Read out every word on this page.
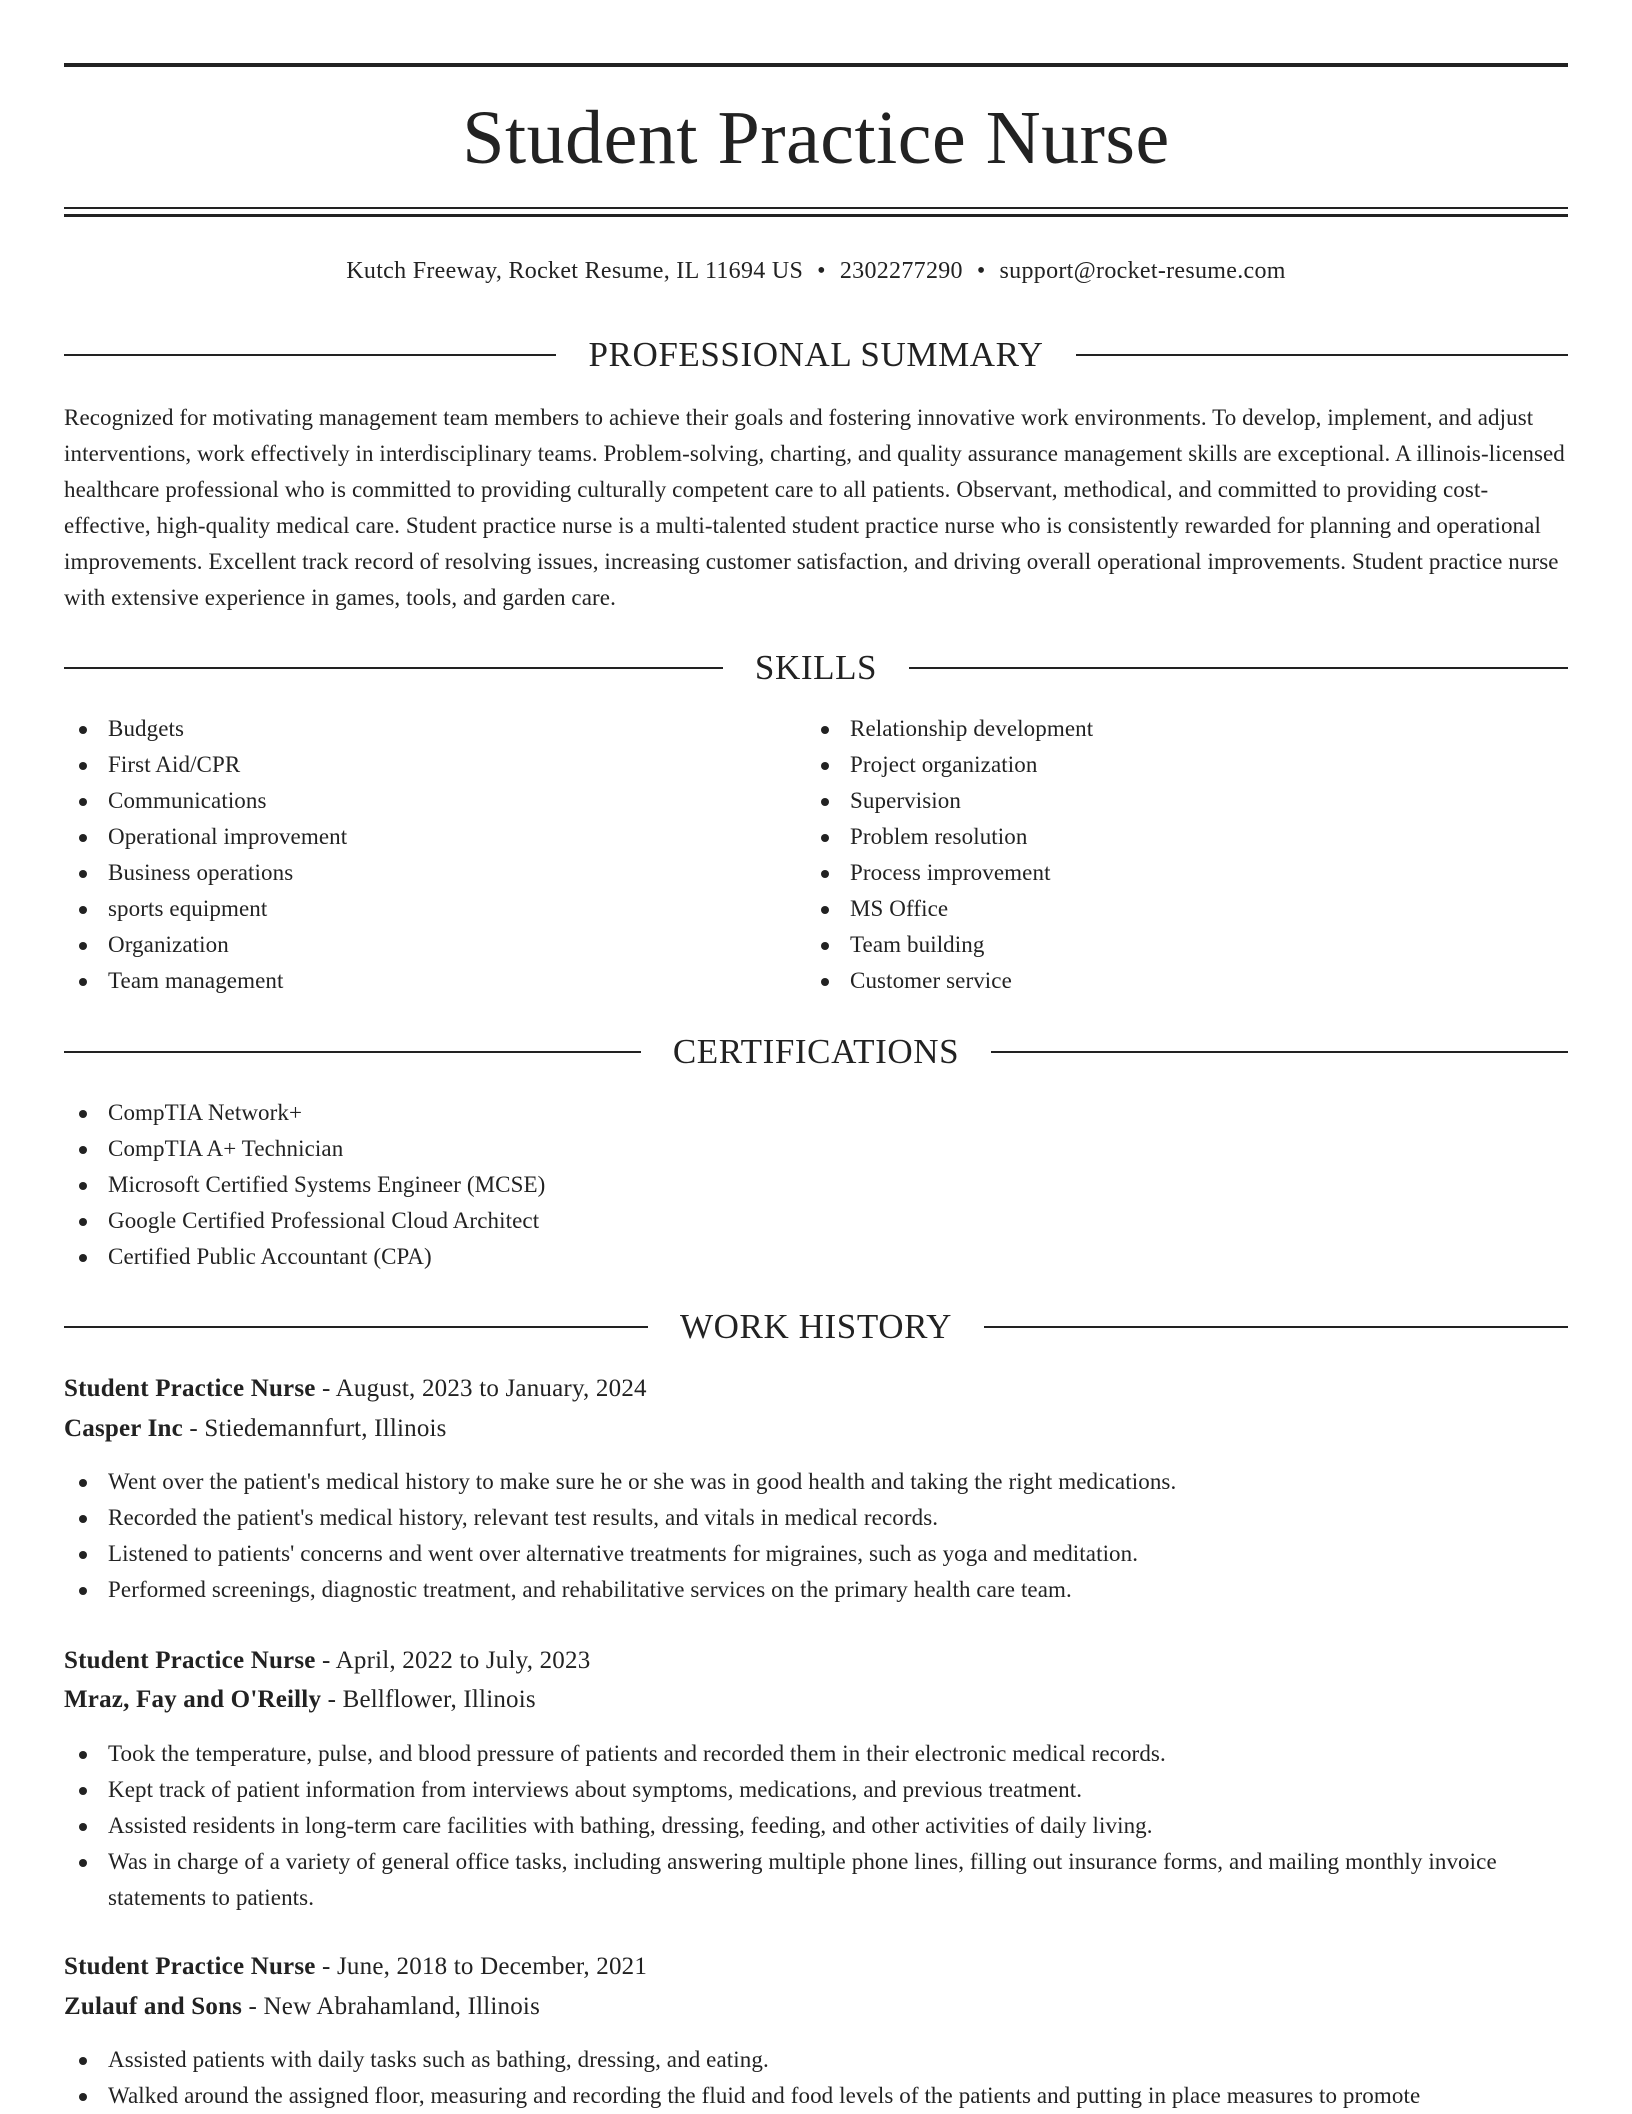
Student Practice Nurse
Kutch Freeway, Rocket Resume, IL 11694 US • 2302277290 • support@rocket-resume.com
PROFESSIONAL SUMMARY

Recognized for motivating management team members to achieve their goals and fostering innovative work environments. To develop, implement, and adjust interventions, work effectively in interdisciplinary teams. Problem-solving, charting, and quality assurance management skills are exceptional. A illinois-licensed healthcare professional who is committed to providing culturally competent care to all patients. Observant, methodical, and committed to providing cost-effective, high-quality medical care. Student practice nurse is a multi-talented student practice nurse who is consistently rewarded for planning and operational improvements. Excellent track record of resolving issues, increasing customer satisfaction, and driving overall operational improvements. Student practice nurse with extensive experience in games, tools, and garden care.

SKILLS
Budgets
First Aid/CPR
Communications
Operational improvement
Business operations
sports equipment
Organization
Team management
Relationship development
Project organization
Supervision
Problem resolution
Process improvement
MS Office
Team building
Customer service
CERTIFICATIONS
CompTIA Network+
CompTIA A+ Technician
Microsoft Certified Systems Engineer (MCSE)
Google Certified Professional Cloud Architect
Certified Public Accountant (CPA)
WORK HISTORY
Student Practice Nurse - August, 2023 to January, 2024
Casper Inc - Stiedemannfurt, Illinois
Went over the patient's medical history to make sure he or she was in good health and taking the right medications.
Recorded the patient's medical history, relevant test results, and vitals in medical records.
Listened to patients' concerns and went over alternative treatments for migraines, such as yoga and meditation.
Performed screenings, diagnostic treatment, and rehabilitative services on the primary health care team.
Student Practice Nurse - April, 2022 to July, 2023
Mraz, Fay and O'Reilly - Bellflower, Illinois
Took the temperature, pulse, and blood pressure of patients and recorded them in their electronic medical records.
Kept track of patient information from interviews about symptoms, medications, and previous treatment.
Assisted residents in long-term care facilities with bathing, dressing, feeding, and other activities of daily living.
Was in charge of a variety of general office tasks, including answering multiple phone lines, filling out insurance forms, and mailing monthly invoice statements to patients.
Student Practice Nurse - June, 2018 to December, 2021
Zulauf and Sons - New Abrahamland, Illinois
Assisted patients with daily tasks such as bathing, dressing, and eating.
Walked around the assigned floor, measuring and recording the fluid and food levels of the patients and putting in place measures to promote
